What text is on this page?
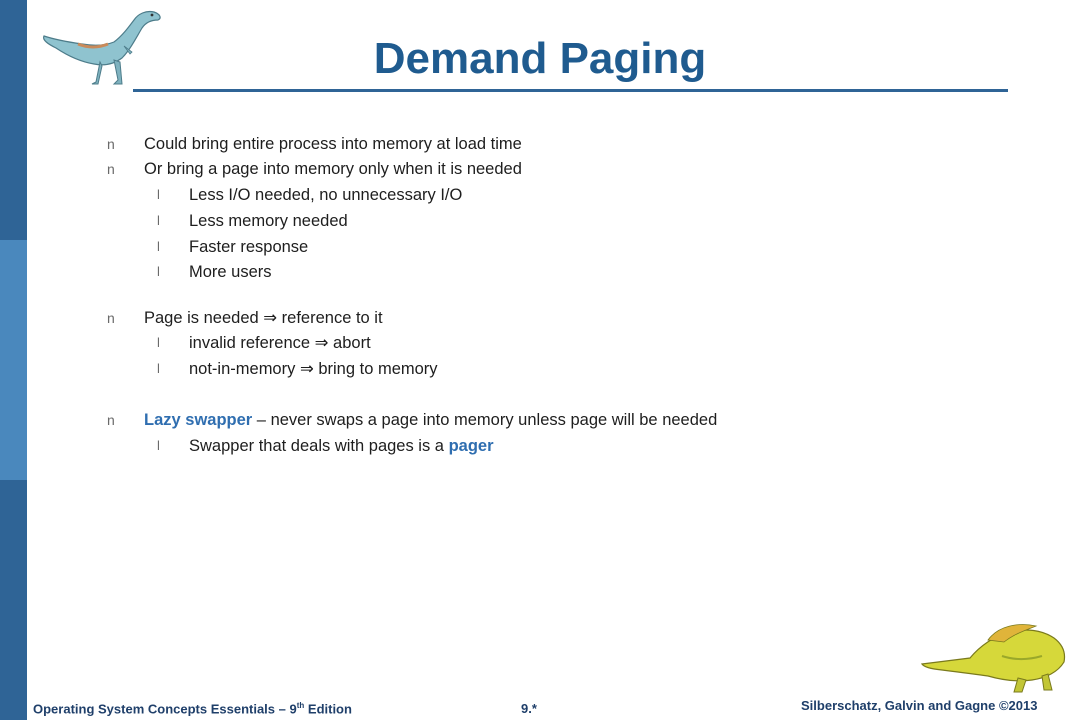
Demand Paging
n Could bring entire process into memory at load time
n Or bring a page into memory only when it is needed
l Less I/O needed, no unnecessary I/O
l Less memory needed
l Faster response
l More users
n Page is needed ⇒ reference to it
l invalid reference ⇒ abort
l not-in-memory ⇒ bring to memory
n Lazy swapper – never swaps a page into memory unless page will be needed
l Swapper that deals with pages is a pager
Operating System Concepts Essentials – 9th Edition	9.*	Silberschatz, Galvin and Gagne ©2013
